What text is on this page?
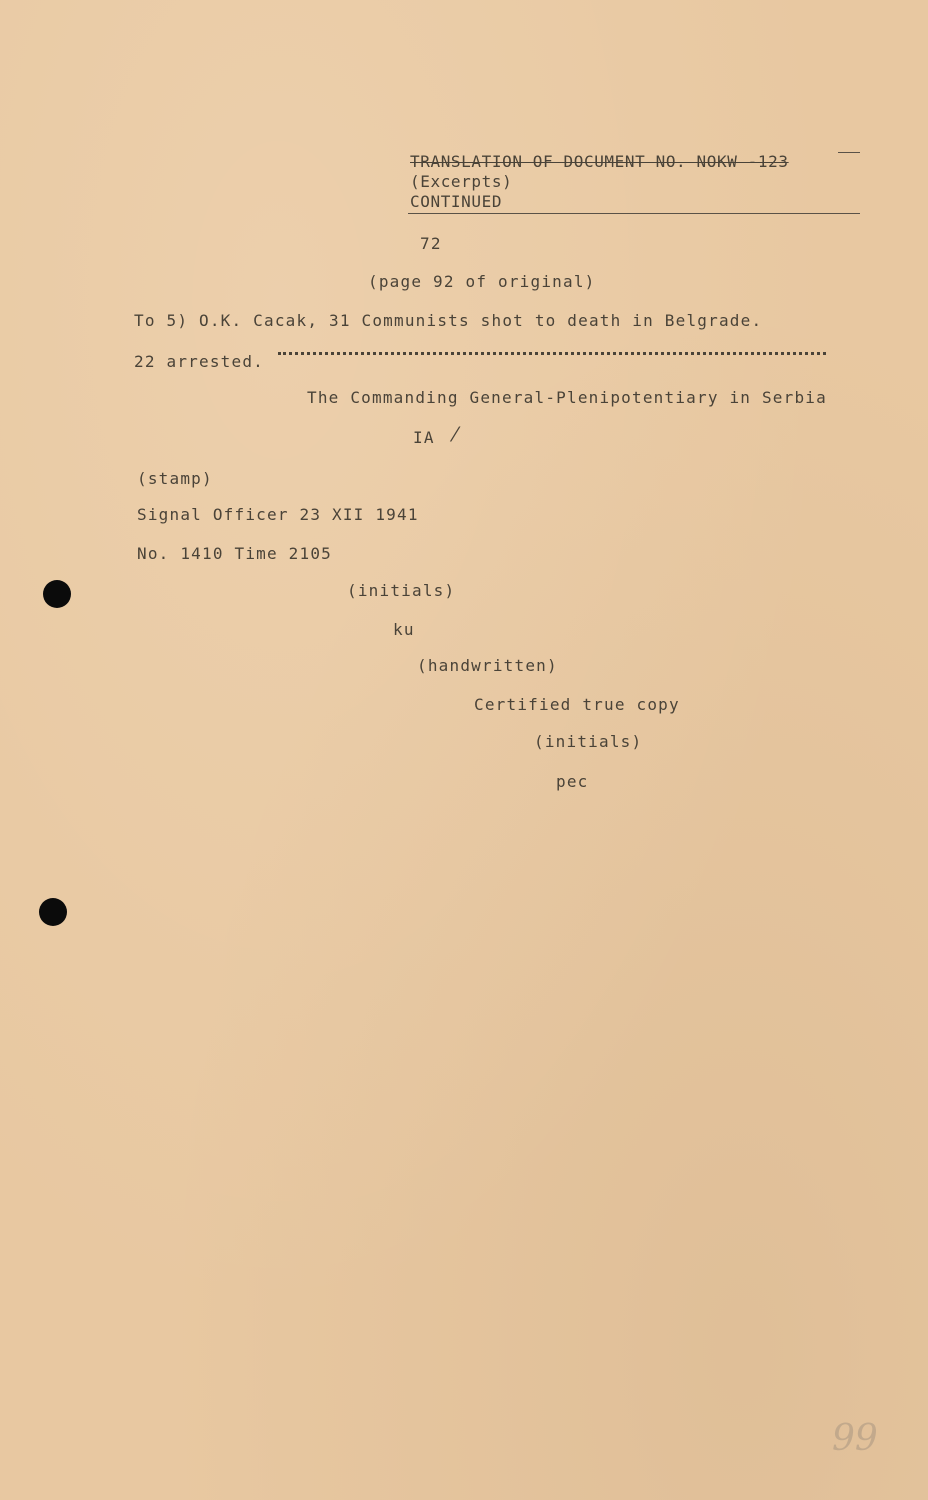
TRANSLATION OF DOCUMENT NO. NOKW -123
(Excerpts)
CONTINUED
72
(page 92 of original)
To 5) O.K. Cacak, 31 Communists shot to death in Belgrade.
22 arrested.
The Commanding General-Plenipotentiary in Serbia
IA ⁄
(stamp)
Signal Officer 23 XII 1941
No. 1410 Time 2105
(initials)
ku
(handwritten)
Certified true copy
(initials)
pec
99
